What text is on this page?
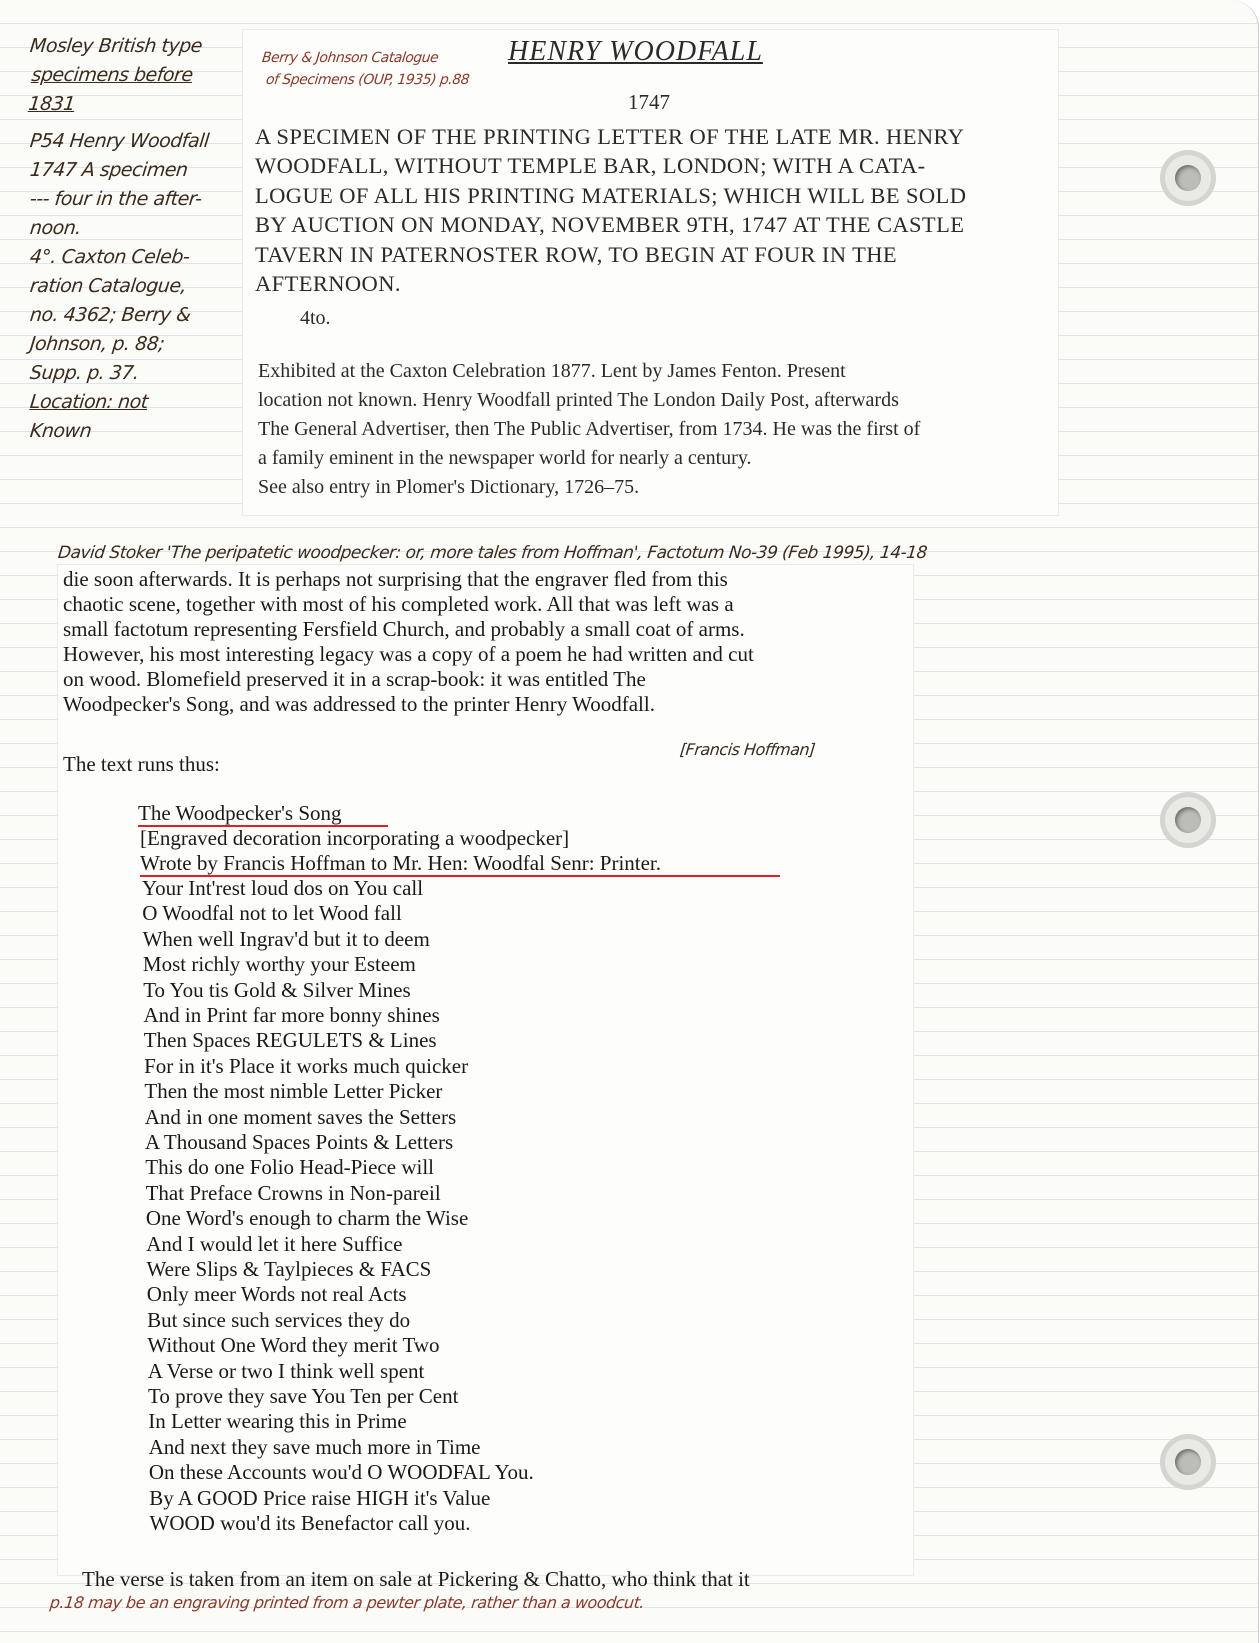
Mosley British type
specimens before 1831
P54 Henry Woodfall
1747 A specimen
--- four in the after-
noon.
4°. Caxton Celeb-
ration Catalogue,
no. 4362; Berry &
Johnson, p. 88;
Supp. p. 37.
Location: not
Known
Berry & Johnson Catalogue
of Specimens (OUP, 1935) p.88
HENRY WOODFALL
1747
A SPECIMEN OF THE PRINTING LETTER OF THE LATE MR. HENRY
WOODFALL, WITHOUT TEMPLE BAR, LONDON; WITH A CATA-
LOGUE OF ALL HIS PRINTING MATERIALS; WHICH WILL BE SOLD
BY AUCTION ON MONDAY, NOVEMBER 9TH, 1747 AT THE CASTLE
TAVERN IN PATERNOSTER ROW, TO BEGIN AT FOUR IN THE
AFTERNOON.
4to.
Exhibited at the Caxton Celebration 1877. Lent by James Fenton. Present
location not known. Henry Woodfall printed The London Daily Post, afterwards
The General Advertiser, then The Public Advertiser, from 1734. He was the first of
a family eminent in the newspaper world for nearly a century.
See also entry in Plomer's Dictionary, 1726–75.
David Stoker 'The peripatetic woodpecker: or, more tales from Hoffman', Factotum No-39 (Feb 1995), 14-18
die soon afterwards. It is perhaps not surprising that the engraver fled from this
chaotic scene, together with most of his completed work. All that was left was a
small factotum representing Fersfield Church, and probably a small coat of arms.
However, his most interesting legacy was a copy of a poem he had written and cut
on wood. Blomefield preserved it in a scrap-book: it was entitled The
Woodpecker's Song, and was addressed to the printer Henry Woodfall.
[Francis Hoffman]
The text runs thus:
The Woodpecker's Song
[Engraved decoration incorporating a woodpecker]
Wrote by Francis Hoffman to Mr. Hen: Woodfal Senr: Printer.
Your Int'rest loud dos on You call
O Woodfal not to let Wood fall
When well Ingrav'd but it to deem
Most richly worthy your Esteem
To You tis Gold & Silver Mines
And in Print far more bonny shines
Then Spaces REGULETS & Lines
For in it's Place it works much quicker
Then the most nimble Letter Picker
And in one moment saves the Setters
A Thousand Spaces Points & Letters
This do one Folio Head-Piece will
That Preface Crowns in Non-pareil
One Word's enough to charm the Wise
And I would let it here Suffice
Were Slips & Taylpieces & FACS
Only meer Words not real Acts
But since such services they do
Without One Word they merit Two
A Verse or two I think well spent
To prove they save You Ten per Cent
In Letter wearing this in Prime
And next they save much more in Time
On these Accounts wou'd O WOODFAL You.
By A GOOD Price raise HIGH it's Value
WOOD wou'd its Benefactor call you.
The verse is taken from an item on sale at Pickering & Chatto, who think that it
p.18 may be an engraving printed from a pewter plate, rather than a woodcut.
